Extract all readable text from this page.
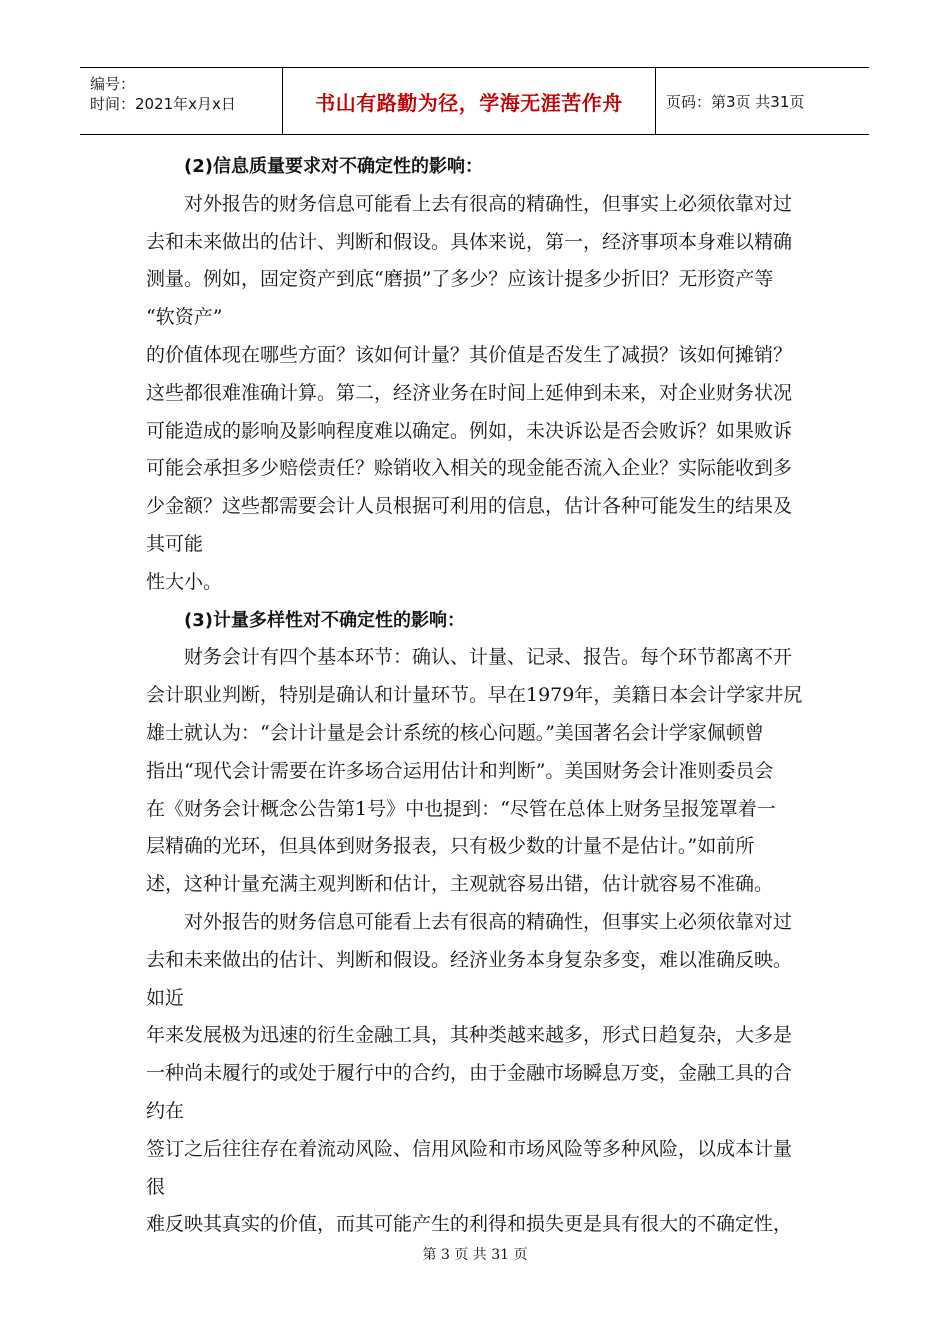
编号：
时间：2021年x月x日	书山有路勤为径，学海无涯苦作舟	页码：第3页 共31页
(2)信息质量要求对不确定性的影响：
对外报告的财务信息可能看上去有很高的精确性，但事实上必须依靠对过
去和未来做出的估计、判断和假设。具体来说，第一，经济事项本身难以精确
测量。例如，固定资产到底“磨损”了多少？应该计提多少折旧？无形资产等
“软资产”
的价值体现在哪些方面？该如何计量？其价值是否发生了减损？该如何摊销？
这些都很难准确计算。第二，经济业务在时间上延伸到未来，对企业财务状况
可能造成的影响及影响程度难以确定。例如，未决诉讼是否会败诉？如果败诉
可能会承担多少赔偿责任？赊销收入相关的现金能否流入企业？实际能收到多
少金额？这些都需要会计人员根据可利用的信息，估计各种可能发生的结果及
其可能
性大小。
(3)计量多样性对不确定性的影响：
财务会计有四个基本环节：确认、计量、记录、报告。每个环节都离不开
会计职业判断，特别是确认和计量环节。早在1979年，美籍日本会计学家井尻
雄士就认为：“会计计量是会计系统的核心问题。”美国著名会计学家佩顿曾
指出“现代会计需要在许多场合运用估计和判断”。美国财务会计准则委员会
在《财务会计概念公告第1号》中也提到：“尽管在总体上财务呈报笼罩着一
层精确的光环，但具体到财务报表，只有极少数的计量不是估计。”如前所
述，这种计量充满主观判断和估计，主观就容易出错，估计就容易不准确。
对外报告的财务信息可能看上去有很高的精确性，但事实上必须依靠对过
去和未来做出的估计、判断和假设。经济业务本身复杂多变，难以准确反映。
如近
年来发展极为迅速的衍生金融工具，其种类越来越多，形式日趋复杂，大多是
一种尚未履行的或处于履行中的合约，由于金融市场瞬息万变，金融工具的合
约在
签订之后往往存在着流动风险、信用风险和市场风险等多种风险，以成本计量
很
难反映其真实的价值，而其可能产生的利得和损失更是具有很大的不确定性，
第 3 页 共 31 页
